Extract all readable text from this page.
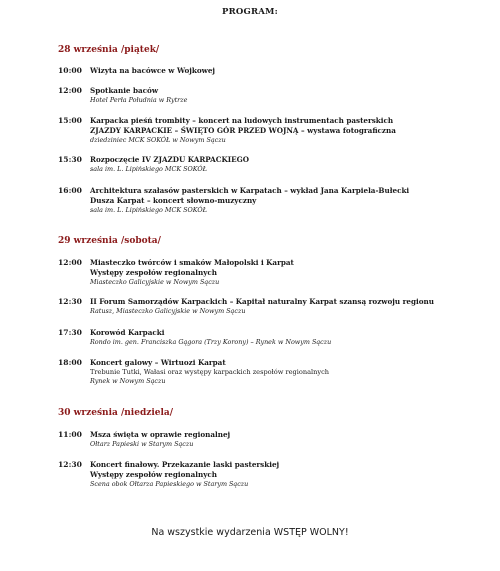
PROGRAM:
28 września /piątek/
10:00	Wizyta na bacówce w Wojkowej
12:00	Spotkanie baców
Hotel Perła Południa w Rytrze
15:00	Karpacka pieśń trombity – koncert na ludowych instrumentach pasterskich
ZJAZDY KARPACKIE – ŚWIĘTO GÓR PRZED WOJNĄ – wystawa fotograficzna
dziedziniec MCK SOKÓŁ w Nowym Sączu
15:30	Rozpoczęcie IV ZJAZDU KARPACKIEGO
sala im. L. Lipińskiego MCK SOKÓŁ
16:00	Architektura szałasów pasterskich w Karpatach – wykład Jana Karpiela-Bułecki
Dusza Karpat – koncert słowno-muzyczny
sala im. L. Lipińskiego MCK SOKÓŁ
29 września /sobota/
12:00	Miasteczko twórców i smaków Małopolski i Karpat
Występy zespołów regionalnych
Miasteczko Galicyjskie w Nowym Sączu
12:30	II Forum Samorządów Karpackich – Kapitał naturalny Karpat szansą rozwoju regionu
Ratusz, Miasteczko Galicyjskie w Nowym Sączu
17:30	Korowód Karpacki
Rondo im. gen. Franciszka Gągora (Trzy Korony) – Rynek w Nowym Sączu
18:00	Koncert galowy – Wirtuozi Karpat
Trebunie Tutki, Wałasi oraz występy karpackich zespołów regionalnych
Rynek w Nowym Sączu
30 września /niedziela/
11:00	Msza święta w oprawie regionalnej
Ołtarz Papieski w Starym Sączu
12:30	Koncert finałowy. Przekazanie laski pasterskiej
Występy zespołów regionalnych
Scena obok Ołtarza Papieskiego w Starym Sączu
Na wszystkie wydarzenia WSTĘP WOLNY!
